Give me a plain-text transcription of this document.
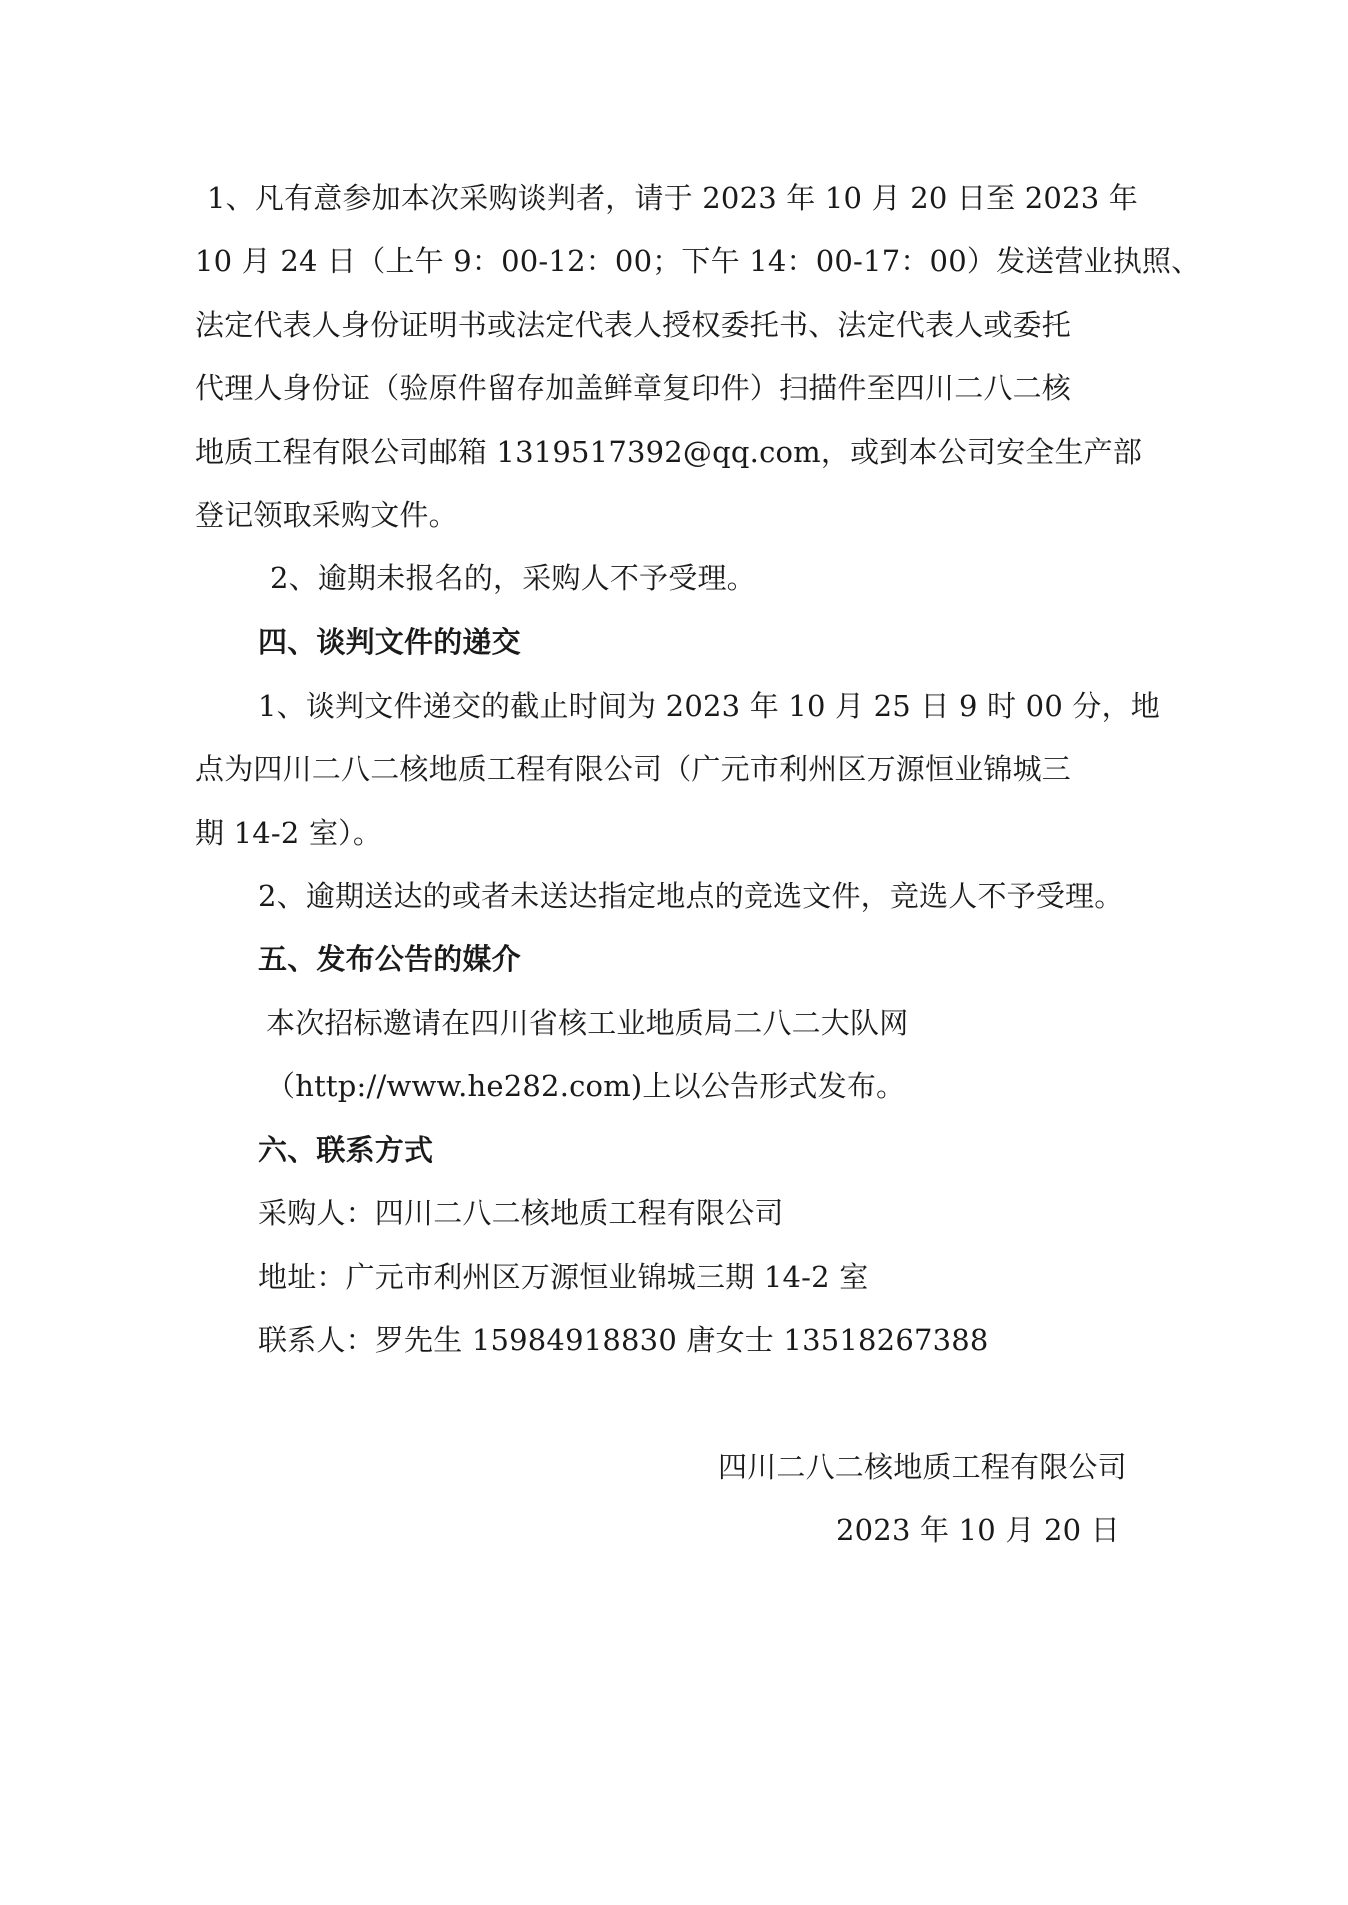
1、凡有意参加本次采购谈判者，请于 2023 年 10 月 20 日至 2023 年
10 月 24 日（上午 9：00-12：00；下午 14：00-17：00）发送营业执照、
法定代表人身份证明书或法定代表人授权委托书、法定代表人或委托
代理人身份证（验原件留存加盖鲜章复印件）扫描件至四川二八二核
地质工程有限公司邮箱 1319517392@qq.com，或到本公司安全生产部
登记领取采购文件。
2、逾期未报名的，采购人不予受理。
四、谈判文件的递交
1、谈判文件递交的截止时间为 2023 年 10 月 25 日 9 时 00 分，地
点为四川二八二核地质工程有限公司（广元市利州区万源恒业锦城三
期 14-2 室）。
2、逾期送达的或者未送达指定地点的竞选文件，竞选人不予受理。
五、发布公告的媒介
本次招标邀请在四川省核工业地质局二八二大队网
（http://www.he282.com)上以公告形式发布。
六、联系方式
采购人：四川二八二核地质工程有限公司
地址：广元市利州区万源恒业锦城三期 14-2 室
联系人：罗先生 15984918830 唐女士 13518267388
四川二八二核地质工程有限公司
2023 年 10 月 20 日
